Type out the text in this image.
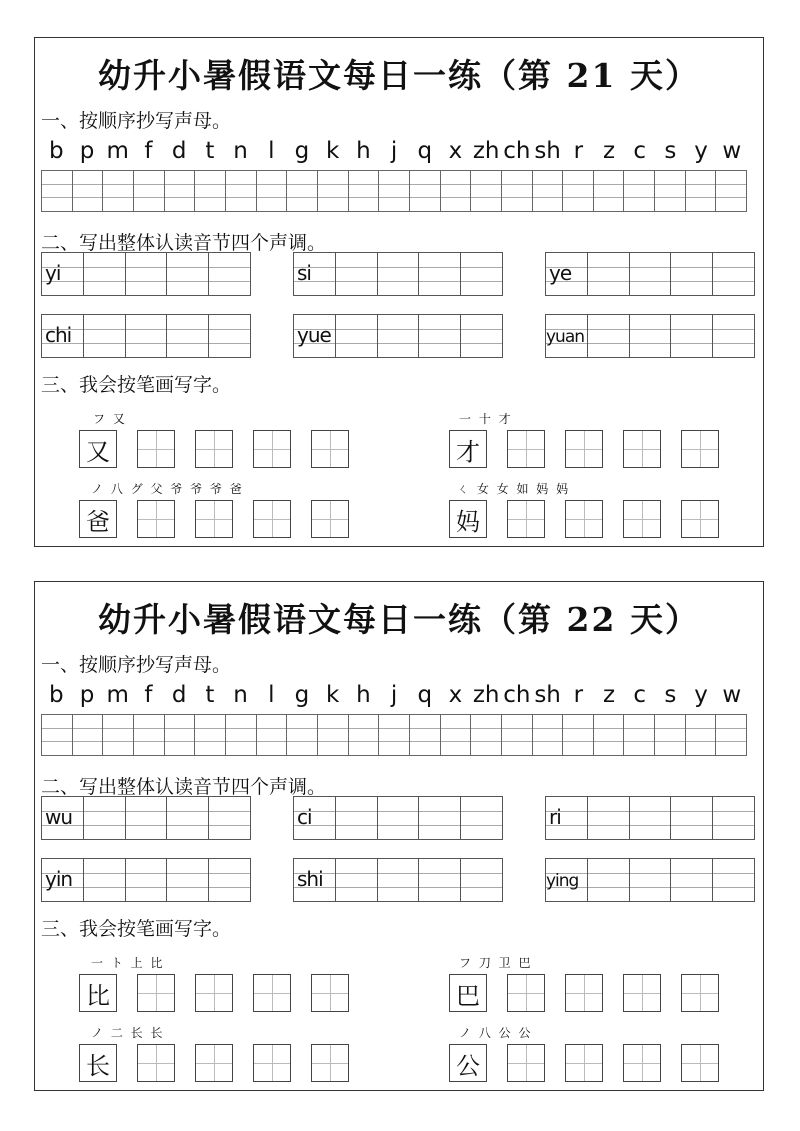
幼升小暑假语文每日一练（第 21 天）
一、按顺序抄写声母。
b p m f d t n l g k h j q x zh ch sh r z c s y w
二、写出整体认读音节四个声调。
yi	si	ye
chi	yue	yuan
三、我会按笔画写字。
フ 又
又
一 十 才
才
ノ 八 グ 父 爷 爷 爷 爸
爸
ㄑ 女 女 如 妈 妈
妈
幼升小暑假语文每日一练（第 22 天）
一、按顺序抄写声母。
b p m f d t n l g k h j q x zh ch sh r z c s y w
二、写出整体认读音节四个声调。
wu	ci	ri
yin	shi	ying
三、我会按笔画写字。
一 ト 上 比
比
フ 刀 卫 巴
巴
ノ 二 长 长
长
ノ 八 公 公
公
